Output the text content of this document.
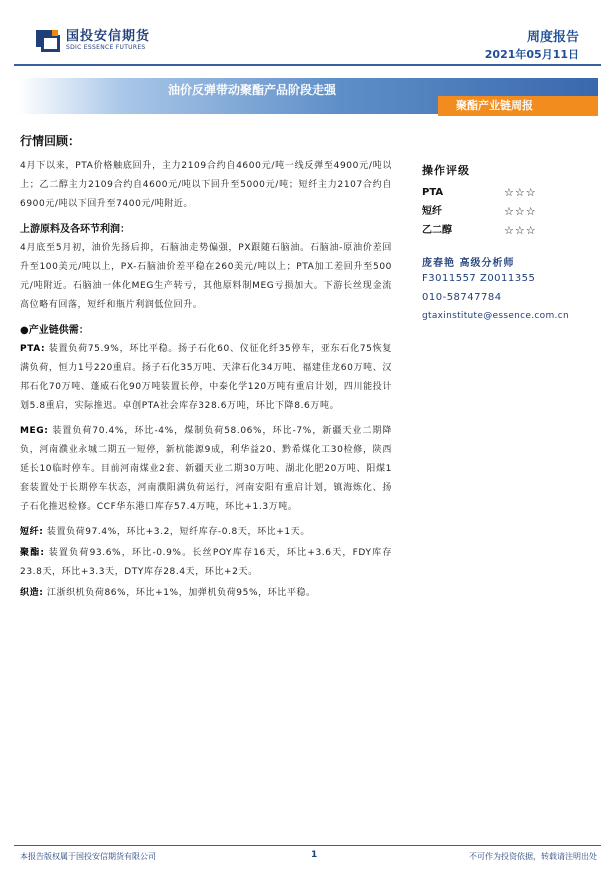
国投安信期货
SDIC ESSENCE FUTURES
周度报告
2021年05月11日
油价反弹带动聚酯产品阶段走强
聚酯产业链周报
行情回顾：

4月下以来，PTA价格触底回升，主力2109合约自4600元/吨一线反弹至4900元/吨以上；乙二醇主力2109合约自4600元/吨以下回升至5000元/吨；短纤主力2107合约自6900元/吨以下回升至7400元/吨附近。

上游原料及各环节利润：

4月底至5月初，油价先扬后抑，石脑油走势偏强，PX跟随石脑油。石脑油-原油价差回升至100美元/吨以上，PX-石脑油价差平稳在260美元/吨以上；PTA加工差回升至500元/吨附近。石脑油一体化MEG生产转亏，其他原料制MEG亏损加大。下游长丝现金流高位略有回落，短纤和瓶片利润低位回升。

●产业链供需：

PTA: 装置负荷75.9%，环比平稳。扬子石化60、仪征化纤35停车，亚东石化75恢复满负荷，恒力1号220重启。扬子石化35万吨、天津石化34万吨、福建佳龙60万吨、汉邦石化70万吨、蓬威石化90万吨装置长停，中泰化学120万吨有重启计划，四川能投计划5.8重启，实际推迟。卓创PTA社会库存328.6万吨，环比下降8.6万吨。

MEG: 装置负荷70.4%，环比-4%，煤制负荷58.06%，环比-7%，新疆天业二期降负，河南濮业永城二期五一短停，新杭能源9成，利华益20、黔希煤化工30检修，陕西延长10临时停车。目前河南煤业2套、新疆天业二期30万吨、湖北化肥20万吨、阳煤1套装置处于长期停车状态，河南濮阳满负荷运行，河南安阳有重启计划，镇海炼化、扬子石化推迟检修。CCF华东港口库存57.4万吨，环比+1.3万吨。

短纤: 装置负荷97.4%，环比+3.2，短纤库存-0.8天，环比+1天。

聚酯: 装置负荷93.6%，环比-0.9%。长丝POY库存16天，环比+3.6天，FDY库存23.8天，环比+3.3天，DTY库存28.4天，环比+2天。

织造: 江浙织机负荷86%，环比+1%，加弹机负荷95%，环比平稳。

操作评级
PTA	☆☆☆
短纤	☆☆☆
乙二醇	☆☆☆
庞春艳 高级分析师
F3011557 Z0011355
010-58747784
gtaxinstitute@essence.com.cn
本报告版权属于国投安信期货有限公司	1	不可作为投资依据，转载请注明出处
